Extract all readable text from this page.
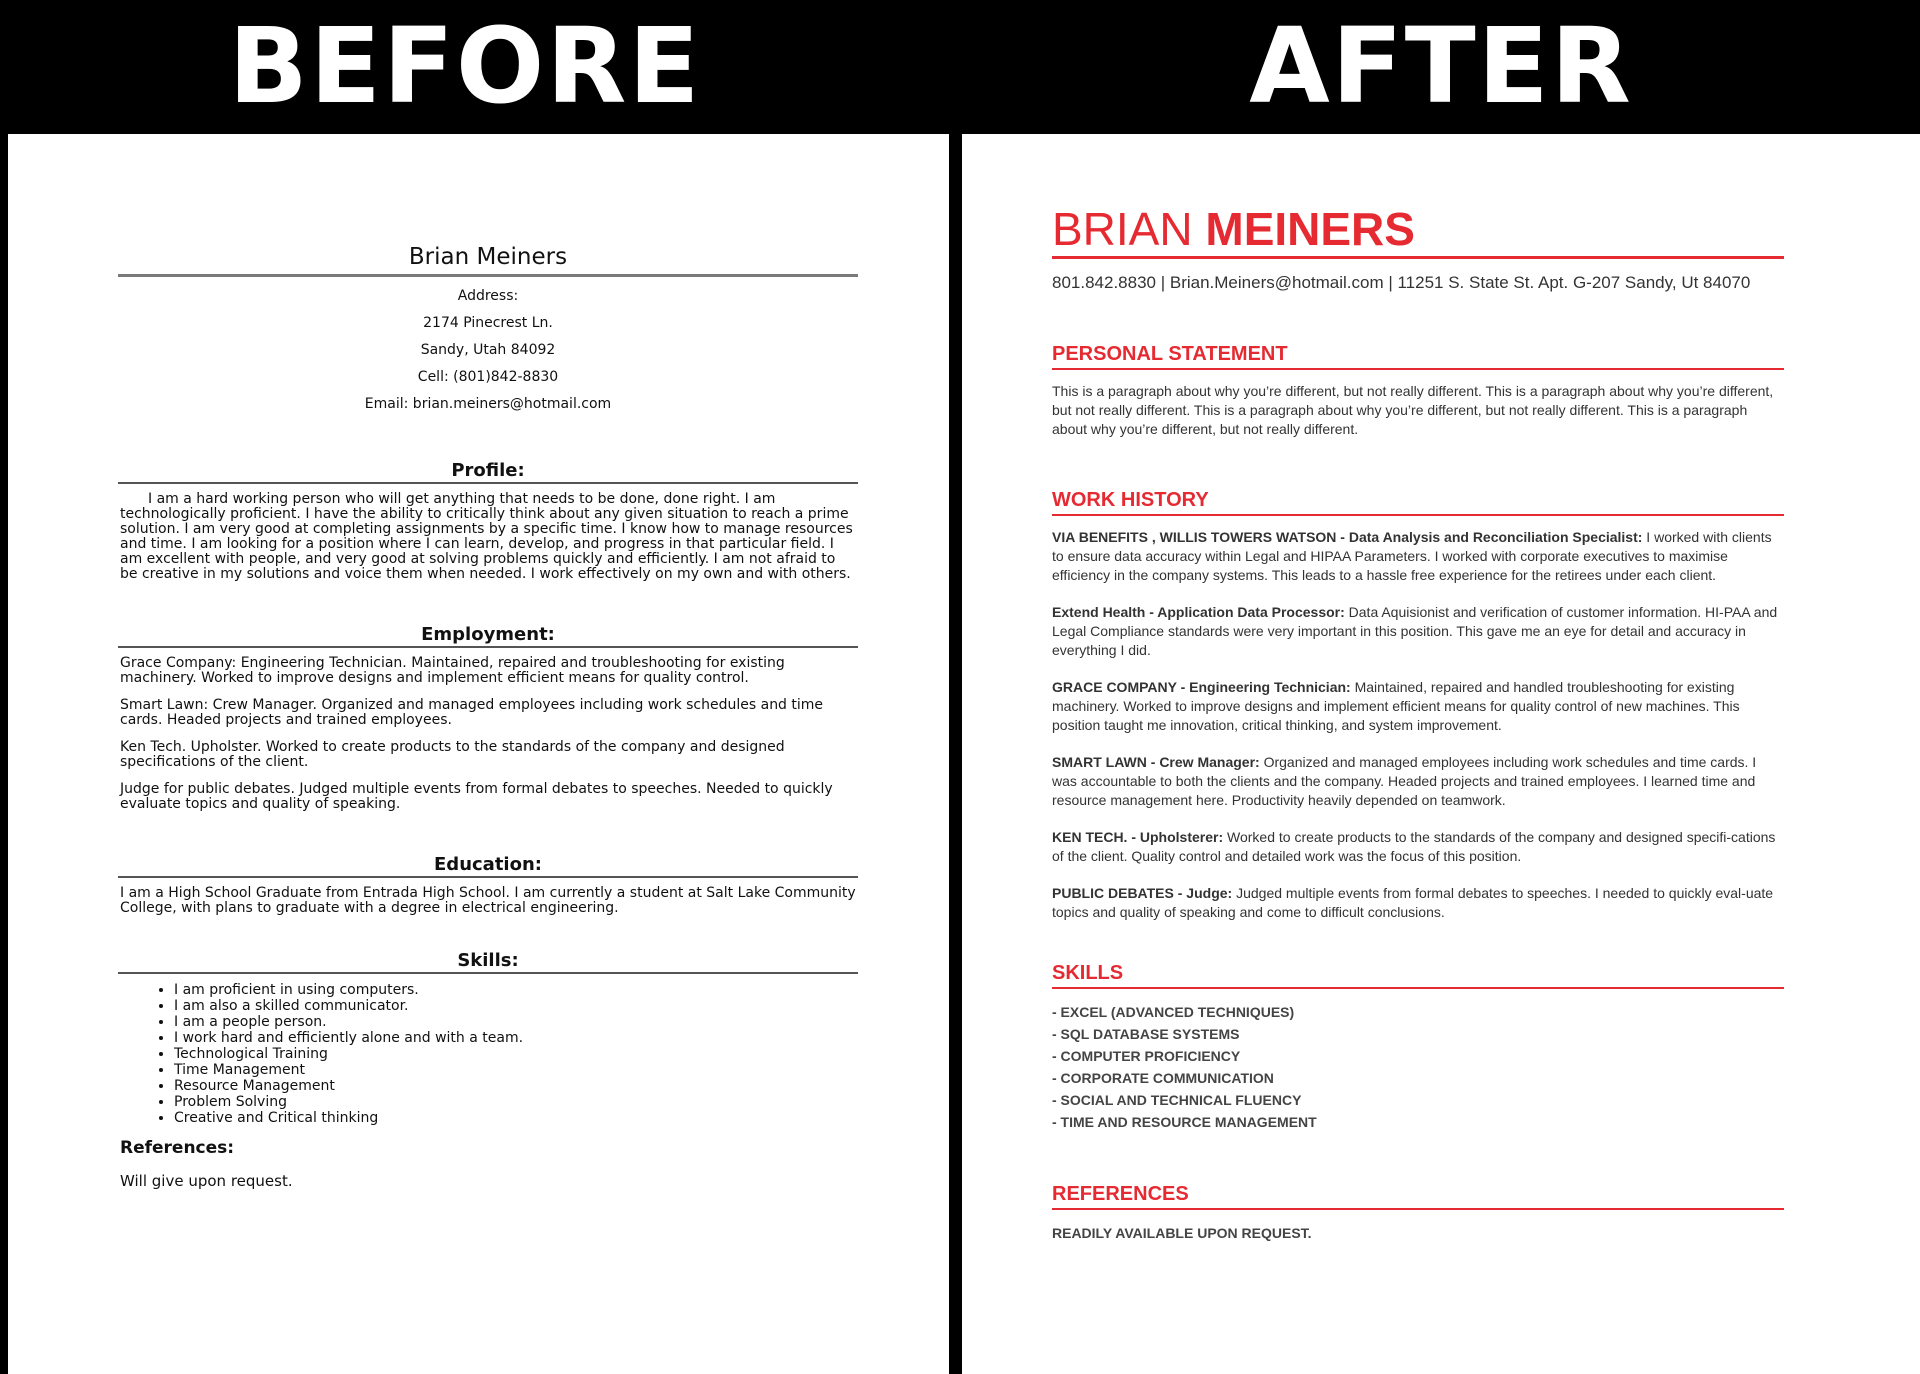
BEFORE	AFTER
Brian Meiners
Address:
2174 Pinecrest Ln.
Sandy, Utah 84092
Cell: (801)842-8830
Email: brian.meiners@hotmail.com
Profile:

I am a hard working person who will get anything that needs to be done, done right. I am technologically proficient. I have the ability to critically think about any given situation to reach a prime solution. I am very good at completing assignments by a specific time. I know how to manage resources and time. I am looking for a position where I can learn, develop, and progress in that particular field. I am excellent with people, and very good at solving problems quickly and efficiently. I am not afraid to be creative in my solutions and voice them when needed. I work effectively on my own and with others.

Employment:

Grace Company: Engineering Technician. Maintained, repaired and troubleshooting for existing machinery. Worked to improve designs and implement efficient means for quality control.

Smart Lawn: Crew Manager. Organized and managed employees including work schedules and time cards. Headed projects and trained employees.

Ken Tech. Upholster. Worked to create products to the standards of the company and designed specifications of the client.

Judge for public debates. Judged multiple events from formal debates to speeches. Needed to quickly evaluate topics and quality of speaking.

Education:

I am a High School Graduate from Entrada High School. I am currently a student at Salt Lake Community College, with plans to graduate with a degree in electrical engineering.

Skills:
• I am proficient in using computers.
• I am also a skilled communicator.
• I am a people person.
• I work hard and efficiently alone and with a team.
• Technological Training
• Time Management
• Resource Management
• Problem Solving
• Creative and Critical thinking
References:
Will give upon request.
BRIAN MEINERS
801.842.8830 | Brian.Meiners@hotmail.com | 11251 S. State St. Apt. G-207 Sandy, Ut 84070
PERSONAL STATEMENT

This is a paragraph about why you’re different, but not really different. This is a paragraph about why you’re different, but not really different. This is a paragraph about why you’re different, but not really different. This is a paragraph about why you’re different, but not really different.

WORK HISTORY

VIA BENEFITS , WILLIS TOWERS WATSON - Data Analysis and Reconciliation Specialist: I worked with clients to ensure data accuracy within Legal and HIPAA Parameters. I worked with corporate executives to maximise efficiency in the company systems. This leads to a hassle free experience for the retirees under each client.

Extend Health - Application Data Processor: Data Aquisionist and verification of customer information. HI-PAA and Legal Compliance standards were very important in this position. This gave me an eye for detail and accuracy in everything I did.

GRACE COMPANY - Engineering Technician: Maintained, repaired and handled troubleshooting for existing machinery. Worked to improve designs and implement efficient means for quality control of new machines. This position taught me innovation, critical thinking, and system improvement.

SMART LAWN - Crew Manager: Organized and managed employees including work schedules and time cards. I was accountable to both the clients and the company. Headed projects and trained employees. I learned time and resource management here. Productivity heavily depended on teamwork.

KEN TECH. - Upholsterer: Worked to create products to the standards of the company and designed specifi-cations of the client. Quality control and detailed work was the focus of this position.

PUBLIC DEBATES - Judge: Judged multiple events from formal debates to speeches. I needed to quickly eval-uate topics and quality of speaking and come to difficult conclusions.

SKILLS
- EXCEL (ADVANCED TECHNIQUES)
- SQL DATABASE SYSTEMS
- COMPUTER PROFICIENCY
- CORPORATE COMMUNICATION
- SOCIAL AND TECHNICAL FLUENCY
- TIME AND RESOURCE MANAGEMENT
REFERENCES
READILY AVAILABLE UPON REQUEST.
